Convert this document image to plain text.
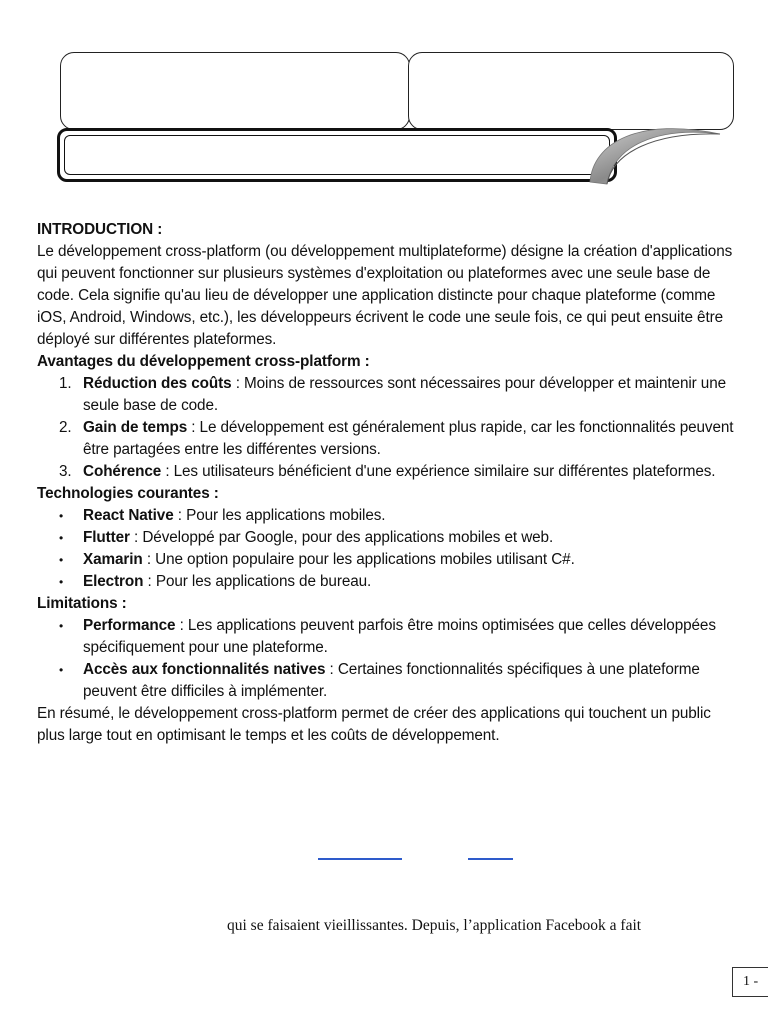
INTRODUCTION :

Le développement cross-platform (ou développement multiplateforme) désigne la création d'applications qui peuvent fonctionner sur plusieurs systèmes d'exploitation ou plateformes avec une seule base de code. Cela signifie qu'au lieu de développer une application distincte pour chaque plateforme (comme iOS, Android, Windows, etc.), les développeurs écrivent le code une seule fois, ce qui peut ensuite être déployé sur différentes plateformes.

Avantages du développement cross-platform :

1. Réduction des coûts : Moins de ressources sont nécessaires pour développer et maintenir une seule base de code.
2. Gain de temps : Le développement est généralement plus rapide, car les fonctionnalités peuvent être partagées entre les différentes versions.
3. Cohérence : Les utilisateurs bénéficient d'une expérience similaire sur différentes plateformes.

Technologies courantes :

•	React Native : Pour les applications mobiles.
•	Flutter : Développé par Google, pour des applications mobiles et web.
•	Xamarin : Une option populaire pour les applications mobiles utilisant C#.
•	Electron : Pour les applications de bureau.

Limitations :

•	Performance : Les applications peuvent parfois être moins optimisées que celles développées spécifiquement pour une plateforme.
•	Accès aux fonctionnalités natives : Certaines fonctionnalités spécifiques à une plateforme peuvent être difficiles à implémenter.

En résumé, le développement cross-platform permet de créer des applications qui touchent un public plus large tout en optimisant le temps et les coûts de développement.

qui se faisaient vieillissantes. Depuis, l’application Facebook a fait
1 -
